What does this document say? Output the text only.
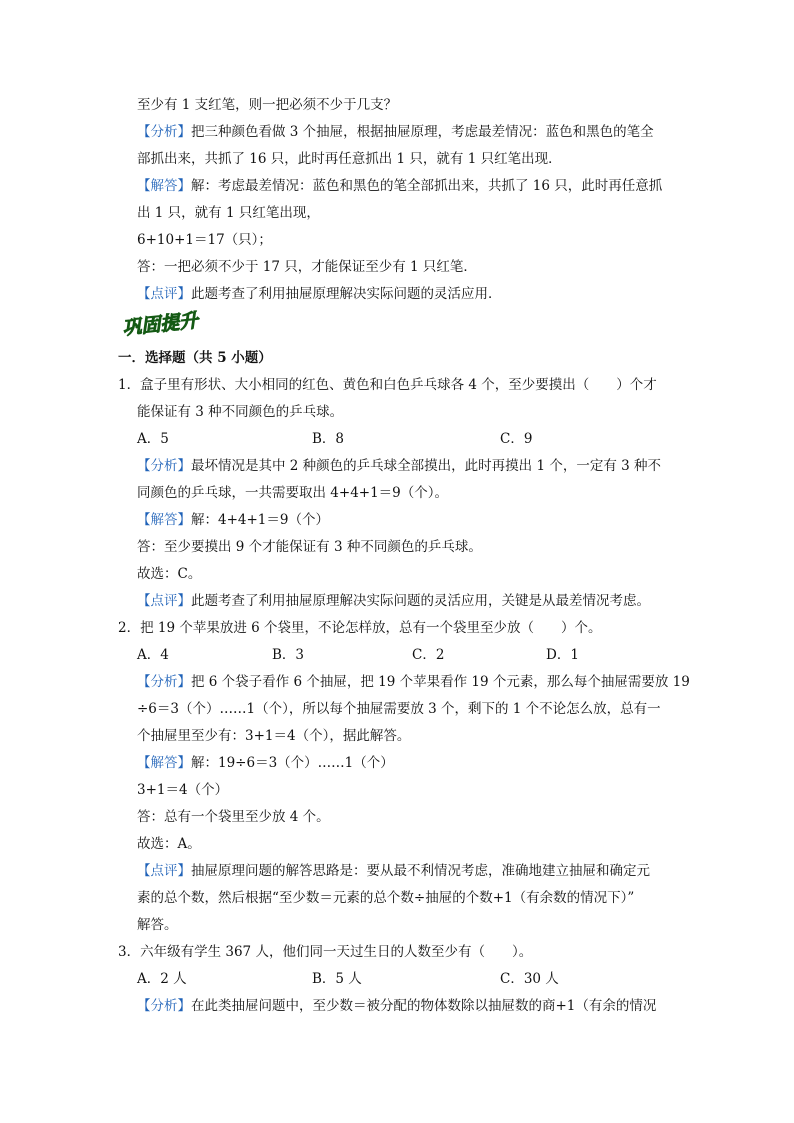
至少有 1 支红笔，则一把必须不少于几支？
【分析】把三种颜色看做 3 个抽屉，根据抽屉原理，考虑最差情况：蓝色和黑色的笔全
部抓出来，共抓了 16 只，此时再任意抓出 1 只，就有 1 只红笔出现．
【解答】解：考虑最差情况：蓝色和黑色的笔全部抓出来，共抓了 16 只，此时再任意抓
出 1 只，就有 1 只红笔出现，
6+10+1＝17（只）；
答：一把必须不少于 17 只，才能保证至少有 1 只红笔．
【点评】此题考查了利用抽屉原理解决实际问题的灵活应用．
巩固提升
一．选择题（共 5 小题）
1．盒子里有形状、大小相同的红色、黄色和白色乒乓球各 4 个，至少要摸出（　　）个才
能保证有 3 种不同颜色的乒乓球。
A．5	B．8	C．9
【分析】最坏情况是其中 2 种颜色的乒乓球全部摸出，此时再摸出 1 个，一定有 3 种不
同颜色的乒乓球，一共需要取出 4+4+1＝9（个）。
【解答】解：4+4+1＝9（个）
答：至少要摸出 9 个才能保证有 3 种不同颜色的乒乓球。
故选：C。
【点评】此题考查了利用抽屉原理解决实际问题的灵活应用，关键是从最差情况考虑。
2．把 19 个苹果放进 6 个袋里，不论怎样放，总有一个袋里至少放（　　）个。
A．4	B．3	C．2	D．1
【分析】把 6 个袋子看作 6 个抽屉，把 19 个苹果看作 19 个元素，那么每个抽屉需要放 19
÷6＝3（个）……1（个），所以每个抽屉需要放 3 个，剩下的 1 个不论怎么放，总有一
个抽屉里至少有：3+1＝4（个），据此解答。
【解答】解：19÷6＝3（个）……1（个）
3+1＝4（个）
答：总有一个袋里至少放 4 个。
故选：A。
【点评】抽屉原理问题的解答思路是：要从最不利情况考虑，准确地建立抽屉和确定元
素的总个数，然后根据“至少数＝元素的总个数÷抽屉的个数+1（有余数的情况下）”
解答。
3．六年级有学生 367 人，他们同一天过生日的人数至少有（　　）。
A．2 人	B．5 人	C．30 人
【分析】在此类抽屉问题中，至少数＝被分配的物体数除以抽屉数的商+1（有余的情况
